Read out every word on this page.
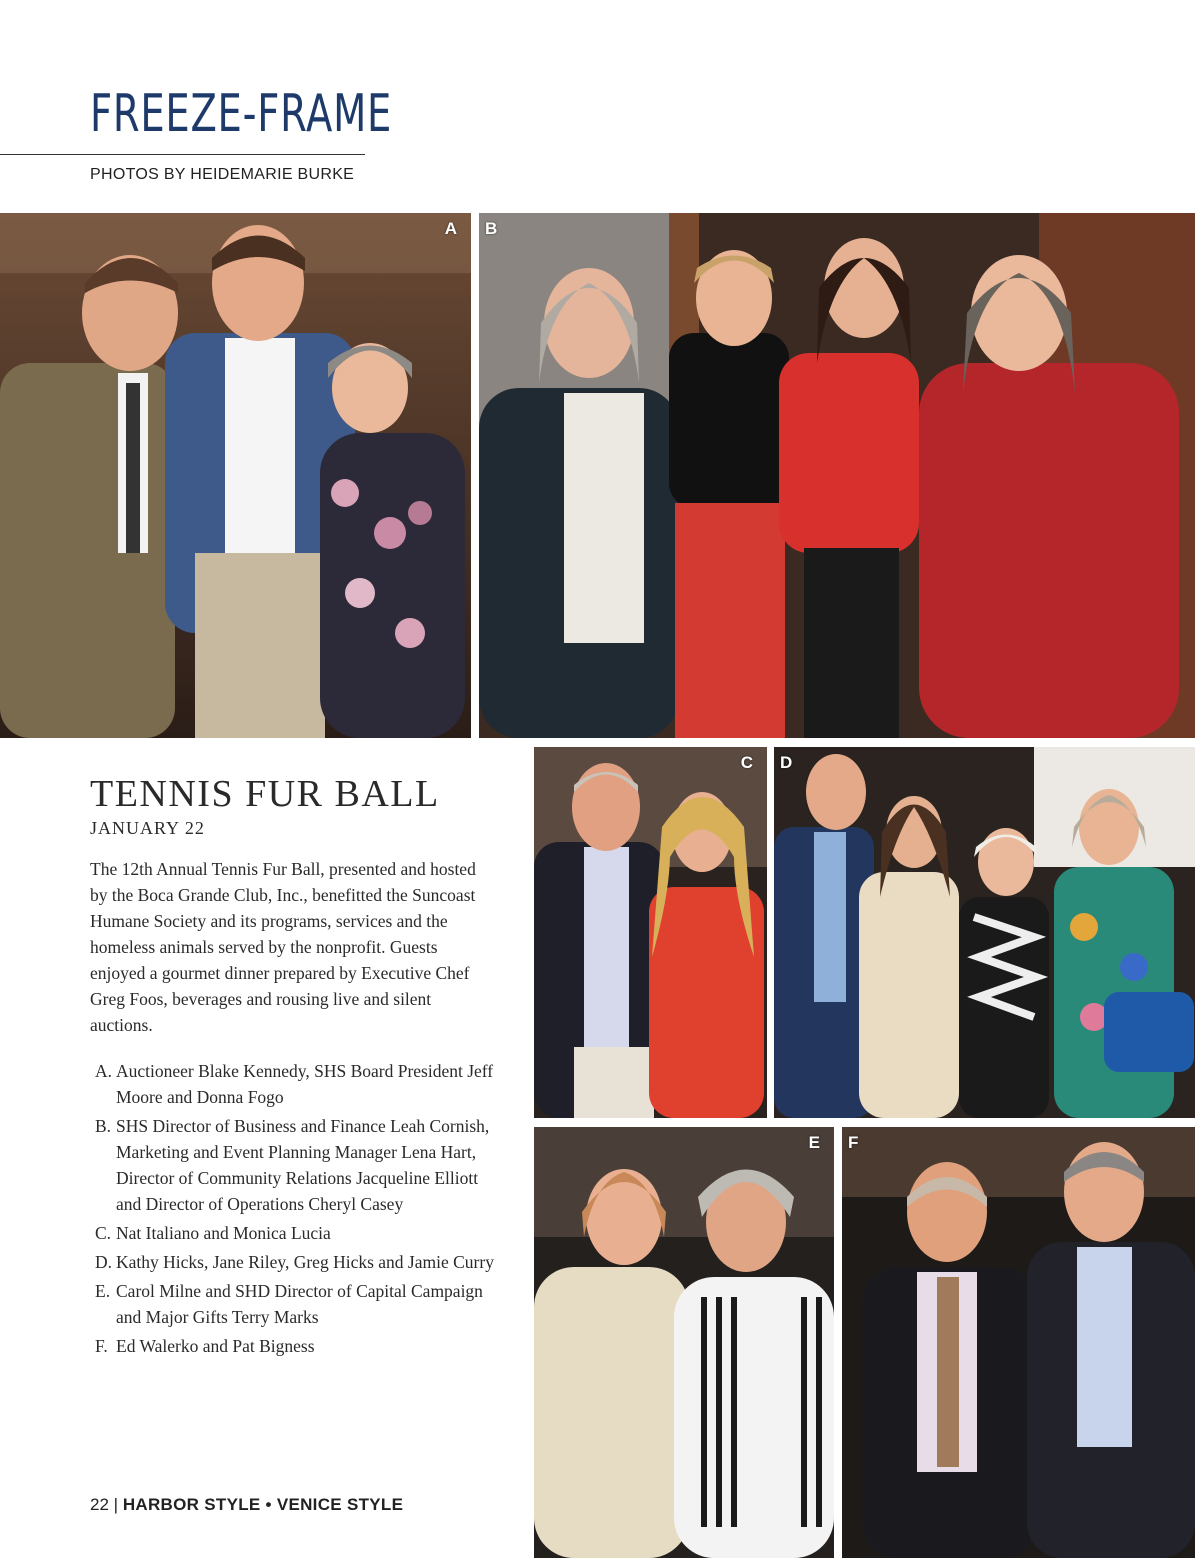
FREEZE-FRAME
PHOTOS BY HEIDEMARIE BURKE
A B
C D
E F
TENNIS FUR BALL
JANUARY 22

The 12th Annual Tennis Fur Ball, presented and hosted by the Boca Grande Club, Inc., benefitted the Suncoast Humane Society and its programs, services and the homeless animals served by the nonprofit. Guests enjoyed a gourmet dinner prepared by Executive Chef Greg Foos, beverages and rousing live and silent auctions.

A. Auctioneer Blake Kennedy, SHS Board President Jeff Moore and Donna Fogo
B. SHS Director of Business and Finance Leah Cornish, Marketing and Event Planning Manager Lena Hart, Director of Community Relations Jacqueline Elliott and Director of Operations Cheryl Casey
C. Nat Italiano and Monica Lucia
D. Kathy Hicks, Jane Riley, Greg Hicks and Jamie Curry
E. Carol Milne and SHD Director of Capital Campaign and Major Gifts Terry Marks
F. Ed Walerko and Pat Bigness
22 | HARBOR STYLE • VENICE STYLE
